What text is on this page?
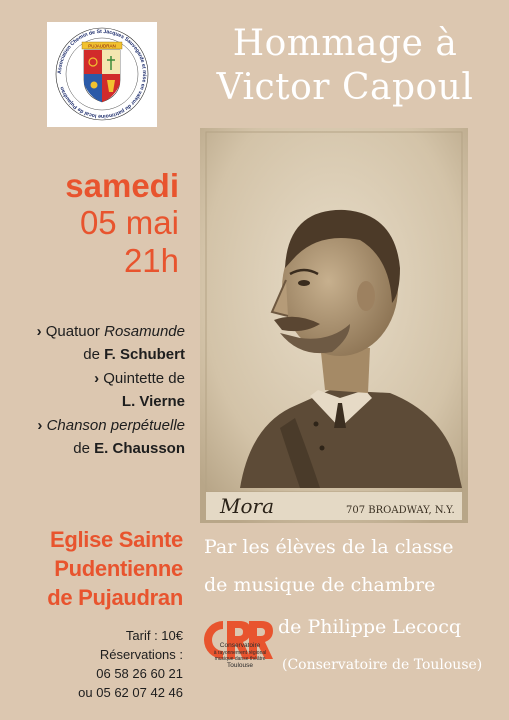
Association Chemin de St Jacques Sauvegarde et mise en valeur du patrimoine local de Pujaudran
PUJAUDRAN	Hommage à
Victor Capoul
samedi
05 mai
21h
› Quatuor Rosamunde
de F. Schubert
› Quintette de
L. Vierne
› Chanson perpétuelle
de E. Chausson
Mora	707 BROADWAY, N.Y.
Eglise Sainte
Pudentienne
de Pujaudran
Tarif : 10€
Réservations :
06 58 26 60 21
ou 05 62 07 42 46
Par les élèves de la classe
de musique de chambre
de Philippe Lecocq
(Conservatoire de Toulouse)
Conservatoire
à rayonnement régional
musique danse théâtre
Toulouse
